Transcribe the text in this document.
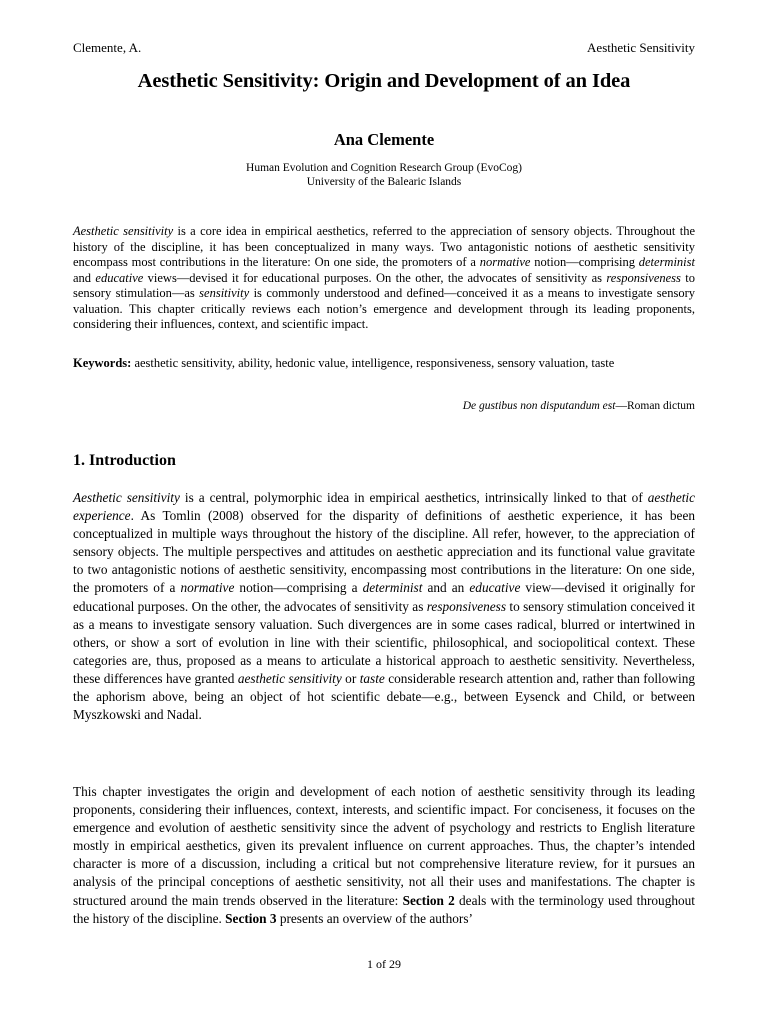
Clemente, A.	Aesthetic Sensitivity
Aesthetic Sensitivity: Origin and Development of an Idea
Ana Clemente
Human Evolution and Cognition Research Group (EvoCog)
University of the Balearic Islands
Aesthetic sensitivity is a core idea in empirical aesthetics, referred to the appreciation of sensory objects. Throughout the history of the discipline, it has been conceptualized in many ways. Two antagonistic notions of aesthetic sensitivity encompass most contributions in the literature: On one side, the promoters of a normative notion—comprising determinist and educative views—devised it for educational purposes. On the other, the advocates of sensitivity as responsiveness to sensory stimulation—as sensitivity is commonly understood and defined—conceived it as a means to investigate sensory valuation. This chapter critically reviews each notion’s emergence and development through its leading proponents, considering their influences, context, and scientific impact.
Keywords: aesthetic sensitivity, ability, hedonic value, intelligence, responsiveness, sensory valuation, taste
De gustibus non disputandum est—Roman dictum
1. Introduction
Aesthetic sensitivity is a central, polymorphic idea in empirical aesthetics, intrinsically linked to that of aesthetic experience. As Tomlin (2008) observed for the disparity of definitions of aesthetic experience, it has been conceptualized in multiple ways throughout the history of the discipline. All refer, however, to the appreciation of sensory objects. The multiple perspectives and attitudes on aesthetic appreciation and its functional value gravitate to two antagonistic notions of aesthetic sensitivity, encompassing most contributions in the literature: On one side, the promoters of a normative notion—comprising a determinist and an educative view—devised it originally for educational purposes. On the other, the advocates of sensitivity as responsiveness to sensory stimulation conceived it as a means to investigate sensory valuation. Such divergences are in some cases radical, blurred or intertwined in others, or show a sort of evolution in line with their scientific, philosophical, and sociopolitical context. These categories are, thus, proposed as a means to articulate a historical approach to aesthetic sensitivity. Nevertheless, these differences have granted aesthetic sensitivity or taste considerable research attention and, rather than following the aphorism above, being an object of hot scientific debate—e.g., between Eysenck and Child, or between Myszkowski and Nadal.
This chapter investigates the origin and development of each notion of aesthetic sensitivity through its leading proponents, considering their influences, context, interests, and scientific impact. For conciseness, it focuses on the emergence and evolution of aesthetic sensitivity since the advent of psychology and restricts to English literature mostly in empirical aesthetics, given its prevalent influence on current approaches. Thus, the chapter’s intended character is more of a discussion, including a critical but not comprehensive literature review, for it pursues an analysis of the principal conceptions of aesthetic sensitivity, not all their uses and manifestations. The chapter is structured around the main trends observed in the literature: Section 2 deals with the terminology used throughout the history of the discipline. Section 3 presents an overview of the authors’
1 of 29
